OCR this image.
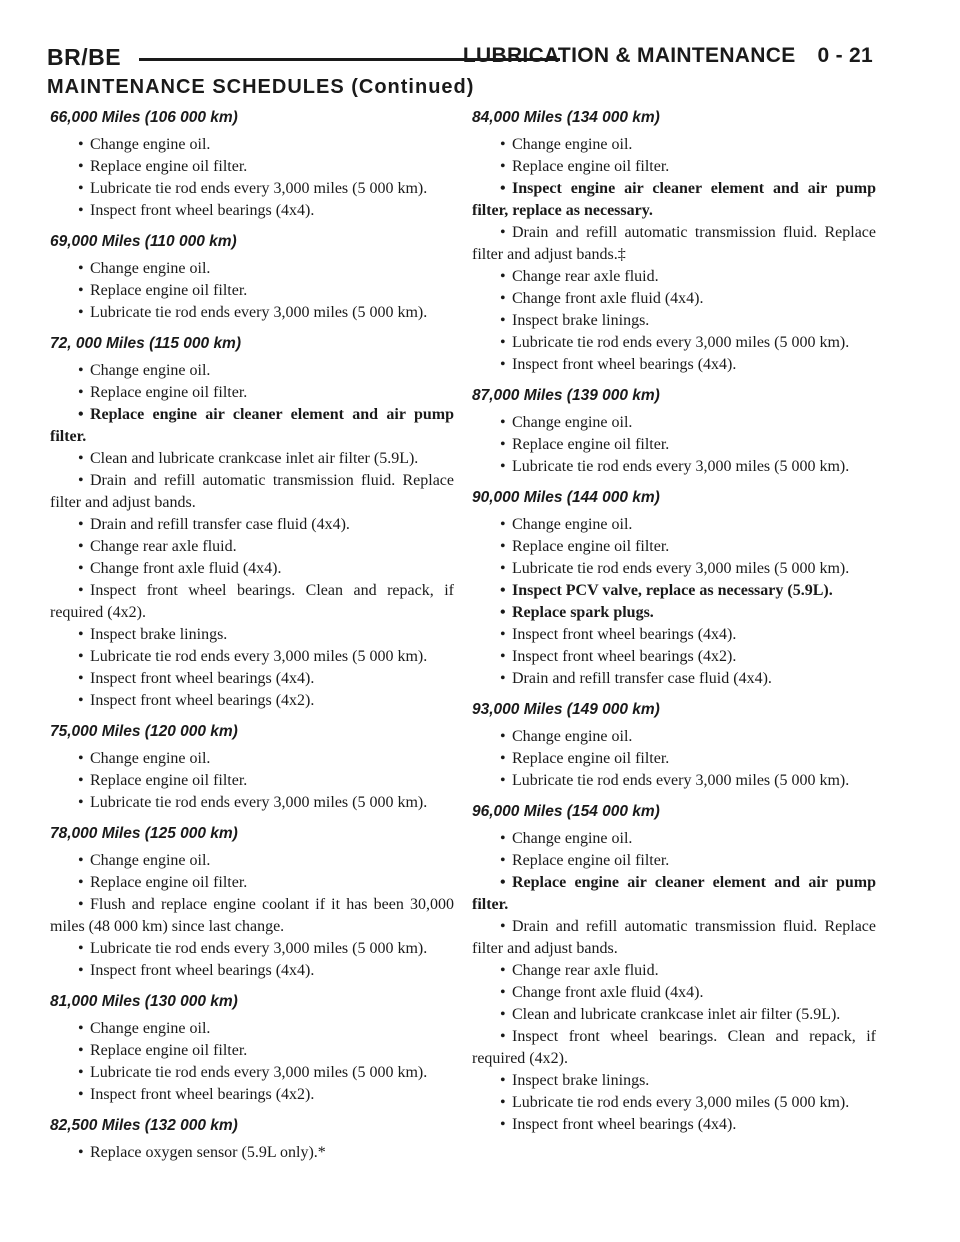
BR/BE	LUBRICATION & MAINTENANCE 0 - 21
MAINTENANCE SCHEDULES (Continued)
66,000 Miles (106 000 km)
• Change engine oil.
• Replace engine oil filter.
• Lubricate tie rod ends every 3,000 miles (5 000 km).
• Inspect front wheel bearings (4x4).
69,000 Miles (110 000 km)
• Change engine oil.
• Replace engine oil filter.
• Lubricate tie rod ends every 3,000 miles (5 000 km).
72, 000 Miles (115 000 km)
• Change engine oil.
• Replace engine oil filter.
• Replace engine air cleaner element and air pump filter.
• Clean and lubricate crankcase inlet air filter (5.9L).
• Drain and refill automatic transmission fluid. Replace filter and adjust bands.
• Drain and refill transfer case fluid (4x4).
• Change rear axle fluid.
• Change front axle fluid (4x4).
• Inspect front wheel bearings. Clean and repack, if required (4x2).
• Inspect brake linings.
• Lubricate tie rod ends every 3,000 miles (5 000 km).
• Inspect front wheel bearings (4x4).
• Inspect front wheel bearings (4x2).
75,000 Miles (120 000 km)
• Change engine oil.
• Replace engine oil filter.
• Lubricate tie rod ends every 3,000 miles (5 000 km).
78,000 Miles (125 000 km)
• Change engine oil.
• Replace engine oil filter.
• Flush and replace engine coolant if it has been 30,000 miles (48 000 km) since last change.
• Lubricate tie rod ends every 3,000 miles (5 000 km).
• Inspect front wheel bearings (4x4).
81,000 Miles (130 000 km)
• Change engine oil.
• Replace engine oil filter.
• Lubricate tie rod ends every 3,000 miles (5 000 km).
• Inspect front wheel bearings (4x2).
82,500 Miles (132 000 km)
• Replace oxygen sensor (5.9L only).*
84,000 Miles (134 000 km)
• Change engine oil.
• Replace engine oil filter.
• Inspect engine air cleaner element and air pump filter, replace as necessary.
• Drain and refill automatic transmission fluid. Replace filter and adjust bands.‡
• Change rear axle fluid.
• Change front axle fluid (4x4).
• Inspect brake linings.
• Lubricate tie rod ends every 3,000 miles (5 000 km).
• Inspect front wheel bearings (4x4).
87,000 Miles (139 000 km)
• Change engine oil.
• Replace engine oil filter.
• Lubricate tie rod ends every 3,000 miles (5 000 km).
90,000 Miles (144 000 km)
• Change engine oil.
• Replace engine oil filter.
• Lubricate tie rod ends every 3,000 miles (5 000 km).
• Inspect PCV valve, replace as necessary (5.9L).
• Replace spark plugs.
• Inspect front wheel bearings (4x4).
• Inspect front wheel bearings (4x2).
• Drain and refill transfer case fluid (4x4).
93,000 Miles (149 000 km)
• Change engine oil.
• Replace engine oil filter.
• Lubricate tie rod ends every 3,000 miles (5 000 km).
96,000 Miles (154 000 km)
• Change engine oil.
• Replace engine oil filter.
• Replace engine air cleaner element and air pump filter.
• Drain and refill automatic transmission fluid. Replace filter and adjust bands.
• Change rear axle fluid.
• Change front axle fluid (4x4).
• Clean and lubricate crankcase inlet air filter (5.9L).
• Inspect front wheel bearings. Clean and repack, if required (4x2).
• Inspect brake linings.
• Lubricate tie rod ends every 3,000 miles (5 000 km).
• Inspect front wheel bearings (4x4).
